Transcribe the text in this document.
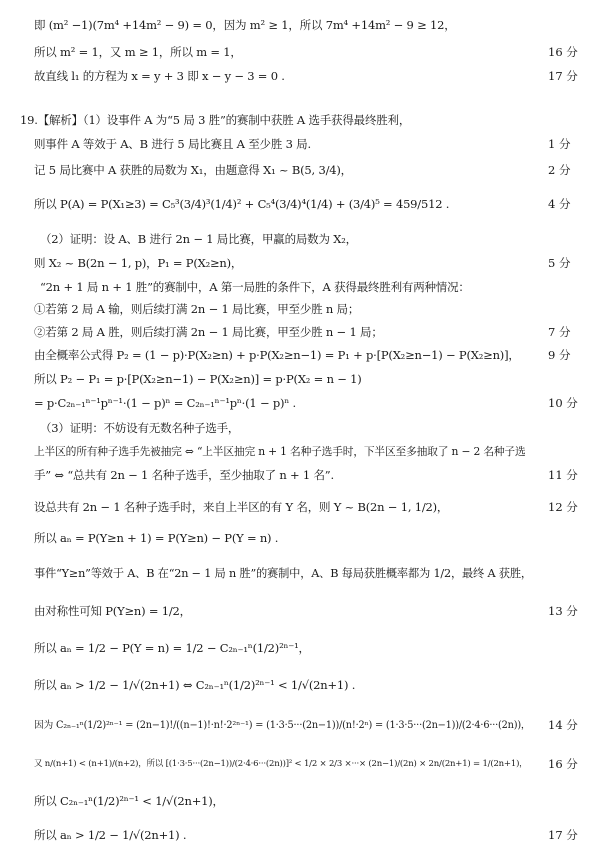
即 (m² −1)(7m⁴ +14m² − 9) = 0，因为 m² ≥ 1，所以 7m⁴ +14m² − 9 ≥ 12，
所以 m² = 1，又 m ≥ 1，所以 m = 1，	16 分
故直线 l₁ 的方程为 x = y + 3 即 x − y − 3 = 0 .	17 分
19.【解析】（1）设事件 A 为“5 局 3 胜”的赛制中获胜 A 选手获得最终胜利，
则事件 A 等效于 A、B 进行 5 局比赛且 A 至少胜 3 局.	1 分
记 5 局比赛中 A 获胜的局数为 X₁，由题意得 X₁ ~ B(5, 3/4)，	2 分
所以 P(A) = P(X₁≥3) = C₅³(3/4)³(1/4)² + C₅⁴(3/4)⁴(1/4) + (3/4)⁵ = 459/512 .	4 分
（2）证明：设 A、B 进行 2n − 1 局比赛，甲赢的局数为 X₂，
则 X₂ ~ B(2n − 1, p)，P₁ = P(X₂≥n)，	5 分
“2n + 1 局 n + 1 胜”的赛制中，A 第一局胜的条件下，A 获得最终胜利有两种情况：
①若第 2 局 A 输，则后续打满 2n − 1 局比赛，甲至少胜 n 局；
②若第 2 局 A 胜，则后续打满 2n − 1 局比赛，甲至少胜 n − 1 局；	7 分
由全概率公式得 P₂ = (1 − p)·P(X₂≥n) + p·P(X₂≥n−1) = P₁ + p·[P(X₂≥n−1) − P(X₂≥n)]，	9 分
所以 P₂ − P₁ = p·[P(X₂≥n−1) − P(X₂≥n)] = p·P(X₂ = n − 1)
= p·C₂ₙ₋₁ⁿ⁻¹pⁿ⁻¹·(1 − p)ⁿ = C₂ₙ₋₁ⁿ⁻¹pⁿ·(1 − p)ⁿ .	10 分
（3）证明：不妨设有无数名种子选手，
上半区的所有种子选手先被抽完 ⇔ “上半区抽完 n + 1 名种子选手时，下半区至多抽取了 n − 2 名种子选
手” ⇔ “总共有 2n − 1 名种子选手，至少抽取了 n + 1 名”.	11 分
设总共有 2n − 1 名种子选手时，来自上半区的有 Y 名，则 Y ~ B(2n − 1, 1/2)，	12 分
所以 aₙ = P(Y≥n + 1) = P(Y≥n) − P(Y = n) .
事件“Y≥n”等效于 A、B 在“2n − 1 局 n 胜”的赛制中，A、B 每局获胜概率都为 1/2，最终 A 获胜，
由对称性可知 P(Y≥n) = 1/2，	13 分
所以 aₙ = 1/2 − P(Y = n) = 1/2 − C₂ₙ₋₁ⁿ(1/2)²ⁿ⁻¹，
所以 aₙ > 1/2 − 1/√(2n+1) ⇔ C₂ₙ₋₁ⁿ(1/2)²ⁿ⁻¹ < 1/√(2n+1) .
因为 C₂ₙ₋₁ⁿ(1/2)²ⁿ⁻¹ = (2n−1)!/((n−1)!·n!·2²ⁿ⁻¹) = (1·3·5···(2n−1))/(n!·2ⁿ) = (1·3·5···(2n−1))/(2·4·6···(2n))，	14 分
又 n/(n+1) < (n+1)/(n+2)，所以 [(1·3·5···(2n−1))/(2·4·6···(2n))]² < 1/2 × 2/3 ×···× (2n−1)/(2n) × 2n/(2n+1) = 1/(2n+1)，	16 分
所以 C₂ₙ₋₁ⁿ(1/2)²ⁿ⁻¹ < 1/√(2n+1)，
所以 aₙ > 1/2 − 1/√(2n+1) .	17 分
